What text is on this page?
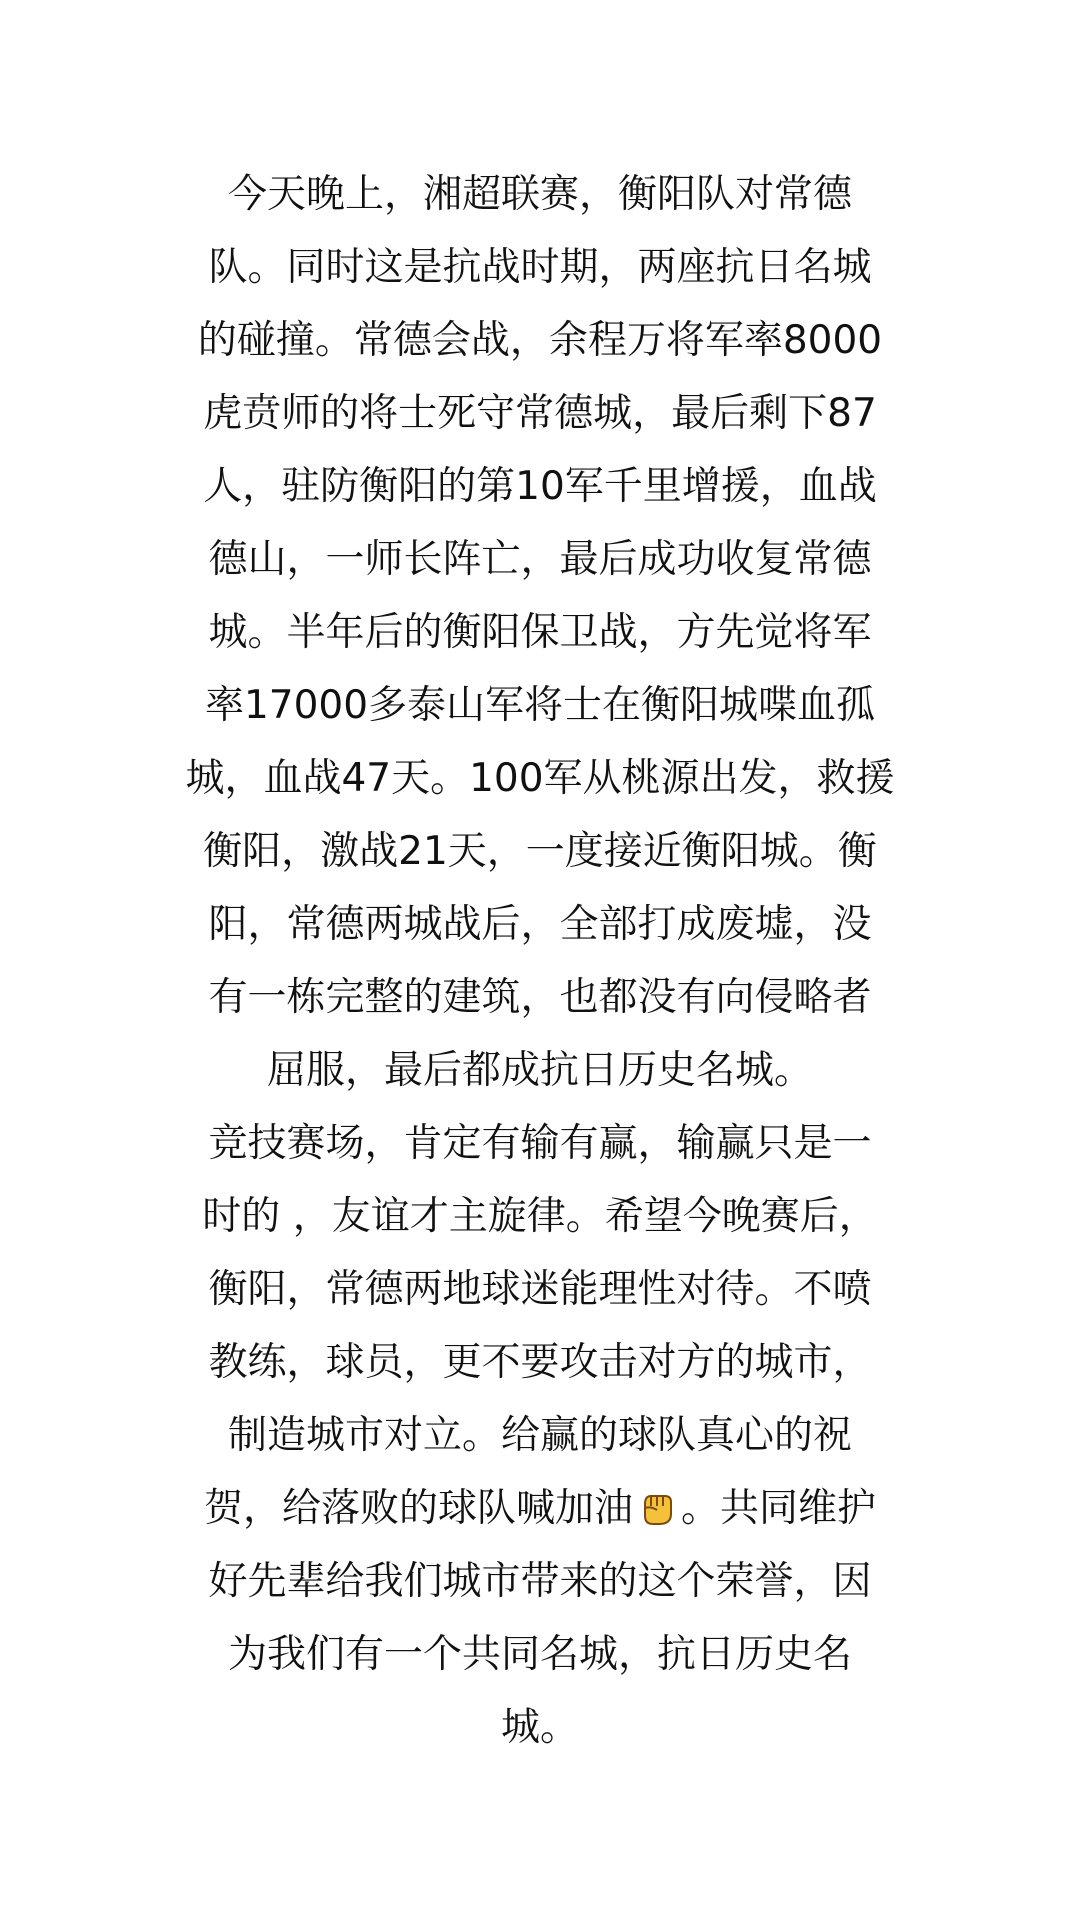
今天晚上，湘超联赛，衡阳队对常德
队。同时这是抗战时期，两座抗日名城
的碰撞。常德会战，余程万将军率8000
虎贲师的将士死守常德城，最后剩下87
人，驻防衡阳的第10军千里增援，血战
德山，一师长阵亡，最后成功收复常德
城。半年后的衡阳保卫战，方先觉将军
率17000多泰山军将士在衡阳城喋血孤
城，血战47天。100军从桃源出发，救援
衡阳，激战21天，一度接近衡阳城。衡
阳，常德两城战后，全部打成废墟，没
有一栋完整的建筑，也都没有向侵略者
屈服，最后都成抗日历史名城。
竞技赛场，肯定有输有赢，输赢只是一
时的 ，友谊才主旋律。希望今晚赛后，
衡阳，常德两地球迷能理性对待。不喷
教练，球员，更不要攻击对方的城市，
制造城市对立。给赢的球队真心的祝
贺，给落败的球队喊加油 。共同维护
好先辈给我们城市带来的这个荣誉，因
为我们有一个共同名城，抗日历史名
城。
